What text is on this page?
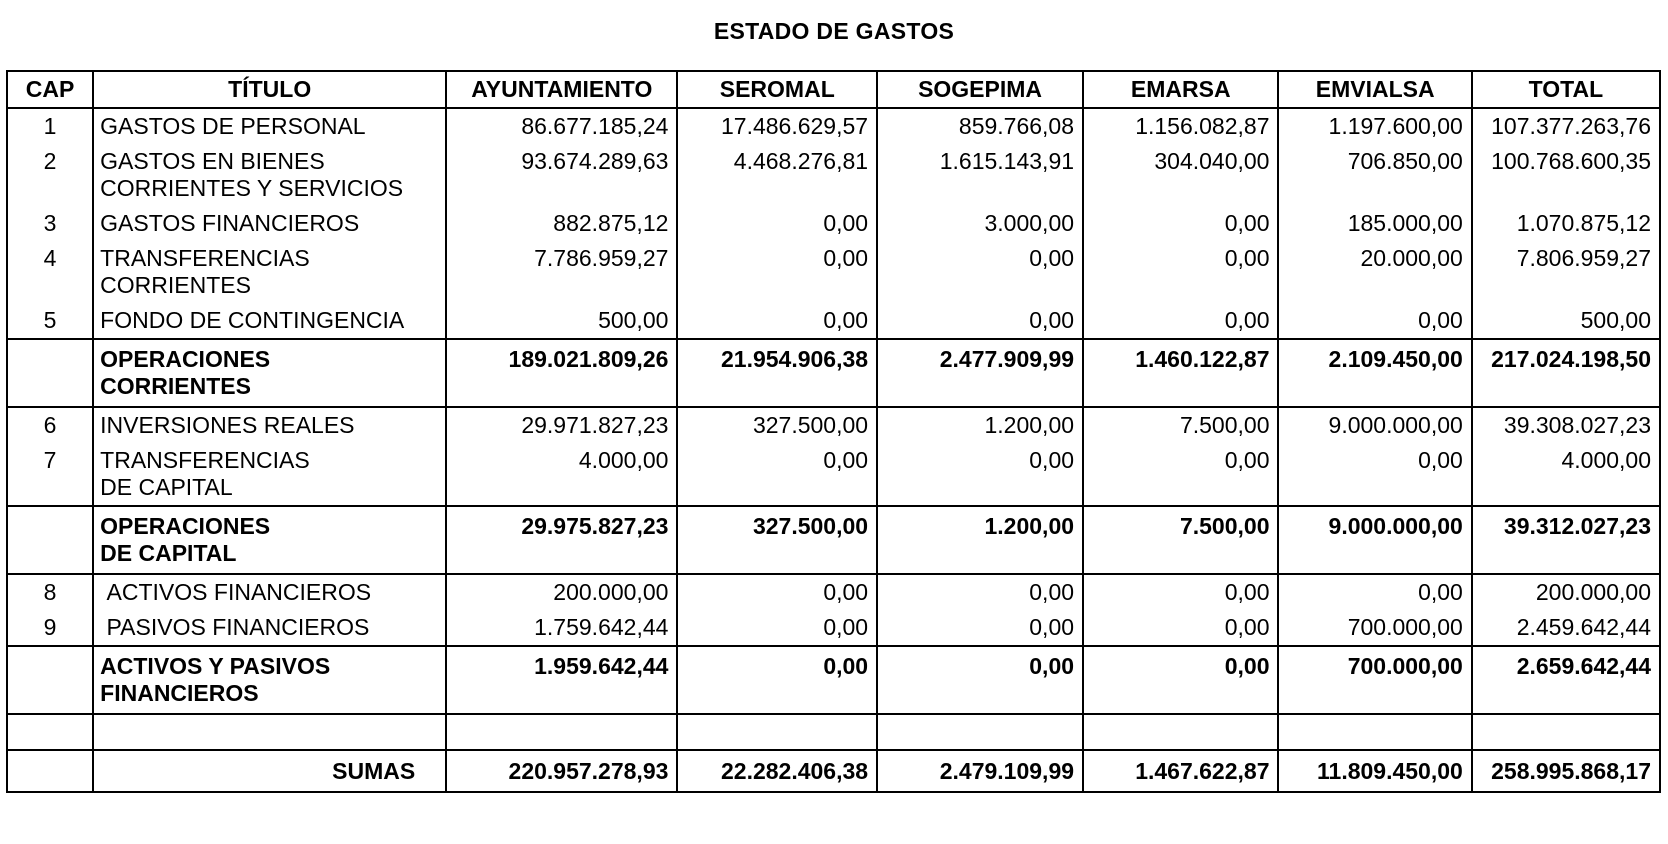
ESTADO DE GASTOS
CAP	TÍTULO	AYUNTAMIENTO	SEROMAL	SOGEPIMA	EMARSA	EMVIALSA	TOTAL
1	GASTOS DE PERSONAL	86.677.185,24	17.486.629,57	859.766,08	1.156.082,87	1.197.600,00	107.377.263,76
2	GASTOS EN BIENES
CORRIENTES Y SERVICIOS	93.674.289,63	4.468.276,81	1.615.143,91	304.040,00	706.850,00	100.768.600,35
3	GASTOS FINANCIEROS	882.875,12	0,00	3.000,00	0,00	185.000,00	1.070.875,12
4	TRANSFERENCIAS
CORRIENTES	7.786.959,27	0,00	0,00	0,00	20.000,00	7.806.959,27
5	FONDO DE CONTINGENCIA	500,00	0,00	0,00	0,00	0,00	500,00
	OPERACIONES
CORRIENTES	189.021.809,26	21.954.906,38	2.477.909,99	1.460.122,87	2.109.450,00	217.024.198,50
6	INVERSIONES REALES	29.971.827,23	327.500,00	1.200,00	7.500,00	9.000.000,00	39.308.027,23
7	TRANSFERENCIAS
DE CAPITAL	4.000,00	0,00	0,00	0,00	0,00	4.000,00
	OPERACIONES
DE CAPITAL	29.975.827,23	327.500,00	1.200,00	7.500,00	9.000.000,00	39.312.027,23
8	ACTIVOS FINANCIEROS	200.000,00	0,00	0,00	0,00	0,00	200.000,00
9	PASIVOS FINANCIEROS	1.759.642,44	0,00	0,00	0,00	700.000,00	2.459.642,44
	ACTIVOS Y PASIVOS
FINANCIEROS	1.959.642,44	0,00	0,00	0,00	700.000,00	2.659.642,44

	SUMAS	220.957.278,93	22.282.406,38	2.479.109,99	1.467.622,87	11.809.450,00	258.995.868,17
